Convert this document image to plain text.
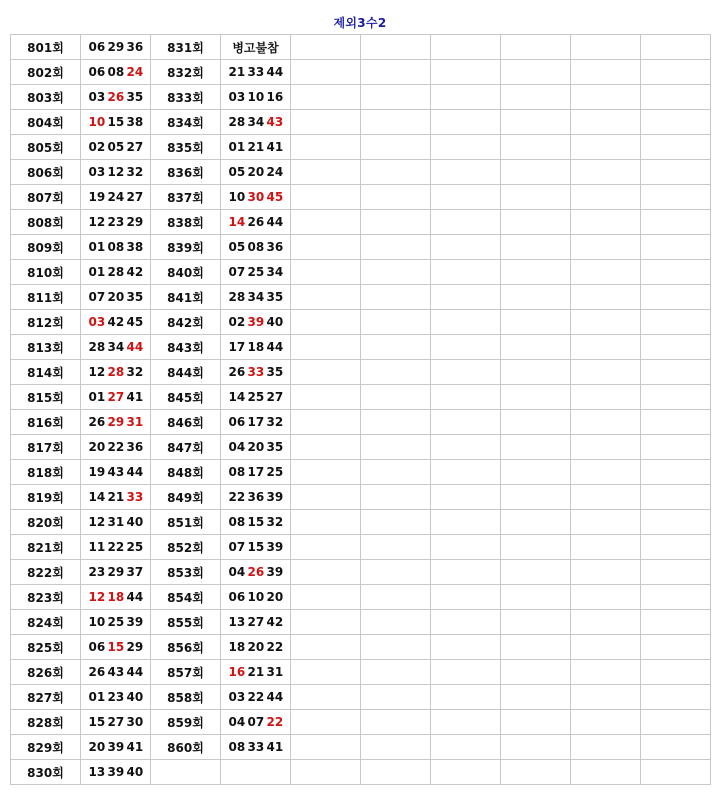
제외3수2
801회	06 29 36	831회	병고불참						
802회	06 08 24	832회	21 33 44						
803회	03 26 35	833회	03 10 16						
804회	10 15 38	834회	28 34 43						
805회	02 05 27	835회	01 21 41						
806회	03 12 32	836회	05 20 24						
807회	19 24 27	837회	10 30 45						
808회	12 23 29	838회	14 26 44						
809회	01 08 38	839회	05 08 36						
810회	01 28 42	840회	07 25 34						
811회	07 20 35	841회	28 34 35						
812회	03 42 45	842회	02 39 40						
813회	28 34 44	843회	17 18 44						
814회	12 28 32	844회	26 33 35						
815회	01 27 41	845회	14 25 27						
816회	26 29 31	846회	06 17 32						
817회	20 22 36	847회	04 20 35						
818회	19 43 44	848회	08 17 25						
819회	14 21 33	849회	22 36 39						
820회	12 31 40	851회	08 15 32						
821회	11 22 25	852회	07 15 39						
822회	23 29 37	853회	04 26 39						
823회	12 18 44	854회	06 10 20						
824회	10 25 39	855회	13 27 42						
825회	06 15 29	856회	18 20 22						
826회	26 43 44	857회	16 21 31						
827회	01 23 40	858회	03 22 44						
828회	15 27 30	859회	04 07 22						
829회	20 39 41	860회	08 33 41						
830회	13 39 40								
